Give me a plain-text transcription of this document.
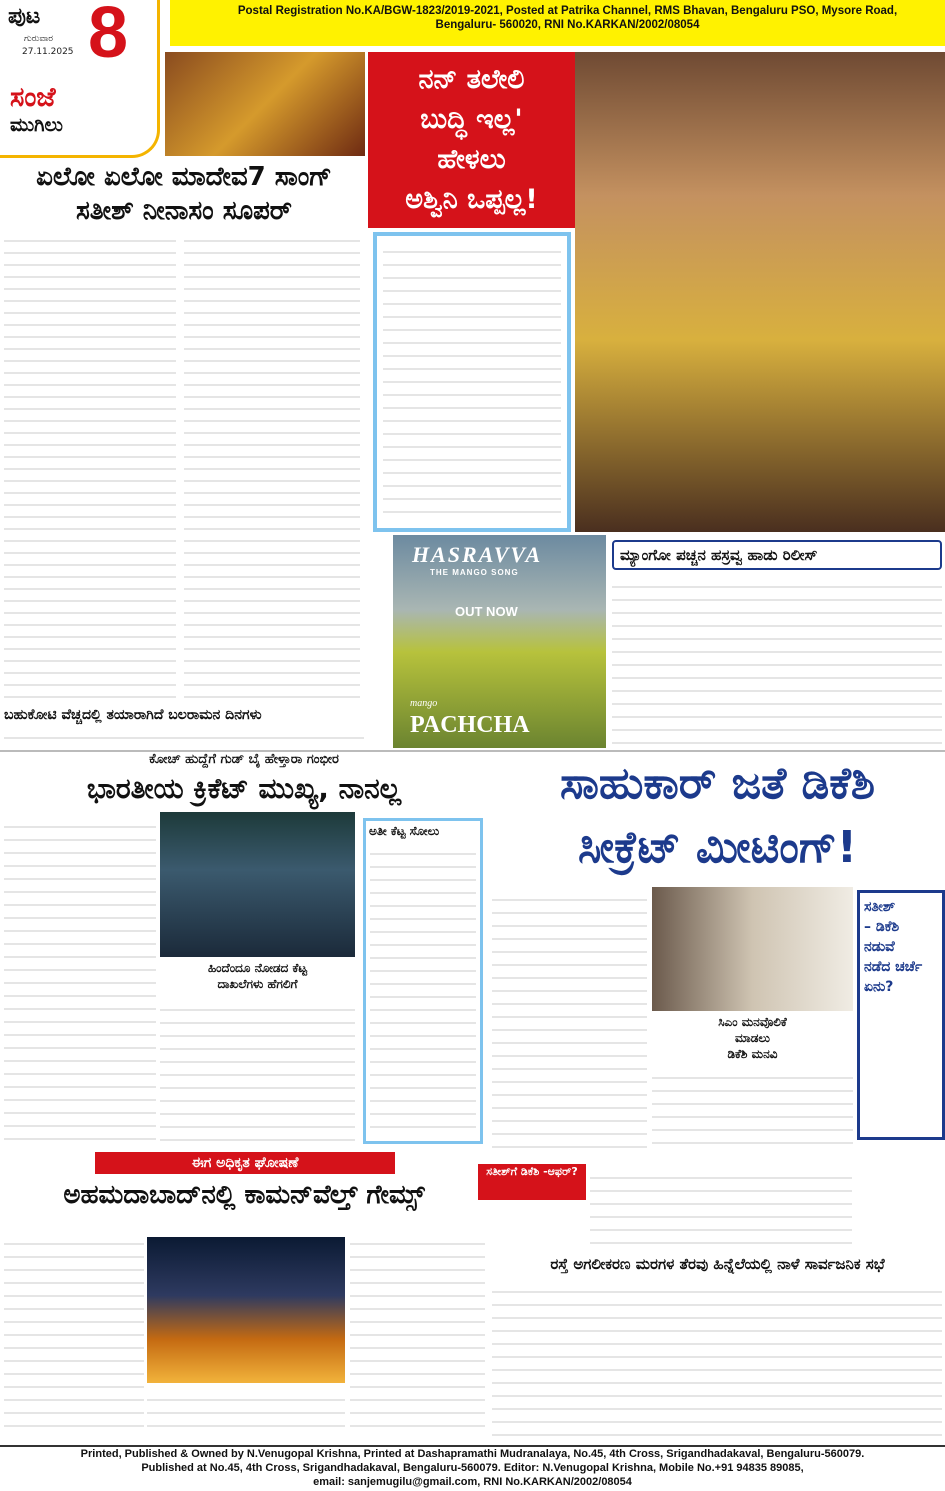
Postal Registration No.KA/BGW-1823/2019-2021, Posted at Patrika Channel, RMS Bhavan, Bengaluru PSO, Mysore Road,
Bengaluru- 560020, RNI No.KARKAN/2002/08054
ಪುಟ 8
ಗುರುವಾರ
27.11.2025
ಸಂಜೆ
ಮುಗಿಲು
ಏಲೋ ಏಲೋ ಮಾದೇವ7 ಸಾಂಗ್
ಸತೀಶ್ ನೀನಾಸಂ ಸೂಪರ್
ಬಹುಕೋಟಿ ವೆಚ್ಚದಲ್ಲಿ ತಯಾರಾಗಿದೆ ಬಲರಾಮನ ದಿನಗಳು
ನನ್ ತಲೇಲಿ
ಬುದ್ಧಿ ಇಲ್ಲ'
ಹೇಳಲು
ಅಶ್ವಿನಿ ಒಪ್ಪಲ್ಲ!
HASRAVVA
THE MANGO SONG
OUT NOW
mango
PACHCHA
ಮ್ಯಾಂಗೋ ಪಚ್ಚನ ಹಸ್ರವ್ವ ಹಾಡು ರಿಲೀಸ್
ಕೋಚ್ ಹುದ್ದೆಗೆ ಗುಡ್ ಬೈ ಹೇಳ್ತಾರಾ ಗಂಭೀರ
ಭಾರತೀಯ ಕ್ರಿಕೆಟ್ ಮುಖ್ಯ, ನಾನಲ್ಲ
ಹಿಂದೆಂದೂ ನೋಡದ ಕೆಟ್ಟ
ದಾಖಲೆಗಳು ಹೆಗಲಿಗೆ
ಅತೀ ಕೆಟ್ಟ ಸೋಲು
ಸಾಹುಕಾರ್ ಜತೆ ಡಿಕೆಶಿ
ಸೀಕ್ರೆಟ್ ಮೀಟಿಂಗ್!
ಸಿಎಂ ಮನವೊಲಿಕೆ
ಮಾಡಲು
ಡಿಕೆಶಿ ಮನವಿ
ಸತೀಶ್
– ಡಿಕೆಶಿ
ನಡುವೆ
ನಡೆದ ಚರ್ಚೆ
ಏನು?
ಸತೀಶ್‌ಗೆ ಡಿಕೆಶಿ -ಆಫರ್?
ಈಗ ಅಧಿಕೃತ ಘೋಷಣೆ
ಅಹಮದಾಬಾದ್‌ನಲ್ಲಿ ಕಾಮನ್‌ವೆಲ್ತ್ ಗೇಮ್ಸ್
ರಸ್ತೆ ಅಗಲೀಕರಣ ಮರಗಳ ತೆರವು ಹಿನ್ನೆಲೆಯಲ್ಲಿ ನಾಳೆ ಸಾರ್ವಜನಿಕ ಸಭೆ
Printed, Published & Owned by N.Venugopal Krishna, Printed at Dashapramathi Mudranalaya, No.45, 4th Cross, Srigandhadakaval, Bengaluru-560079.
Published at No.45, 4th Cross, Srigandhadakaval, Bengaluru-560079. Editor: N.Venugopal Krishna, Mobile No.+91 94835 89085,
email: sanjemugilu@gmail.com, RNI No.KARKAN/2002/08054
